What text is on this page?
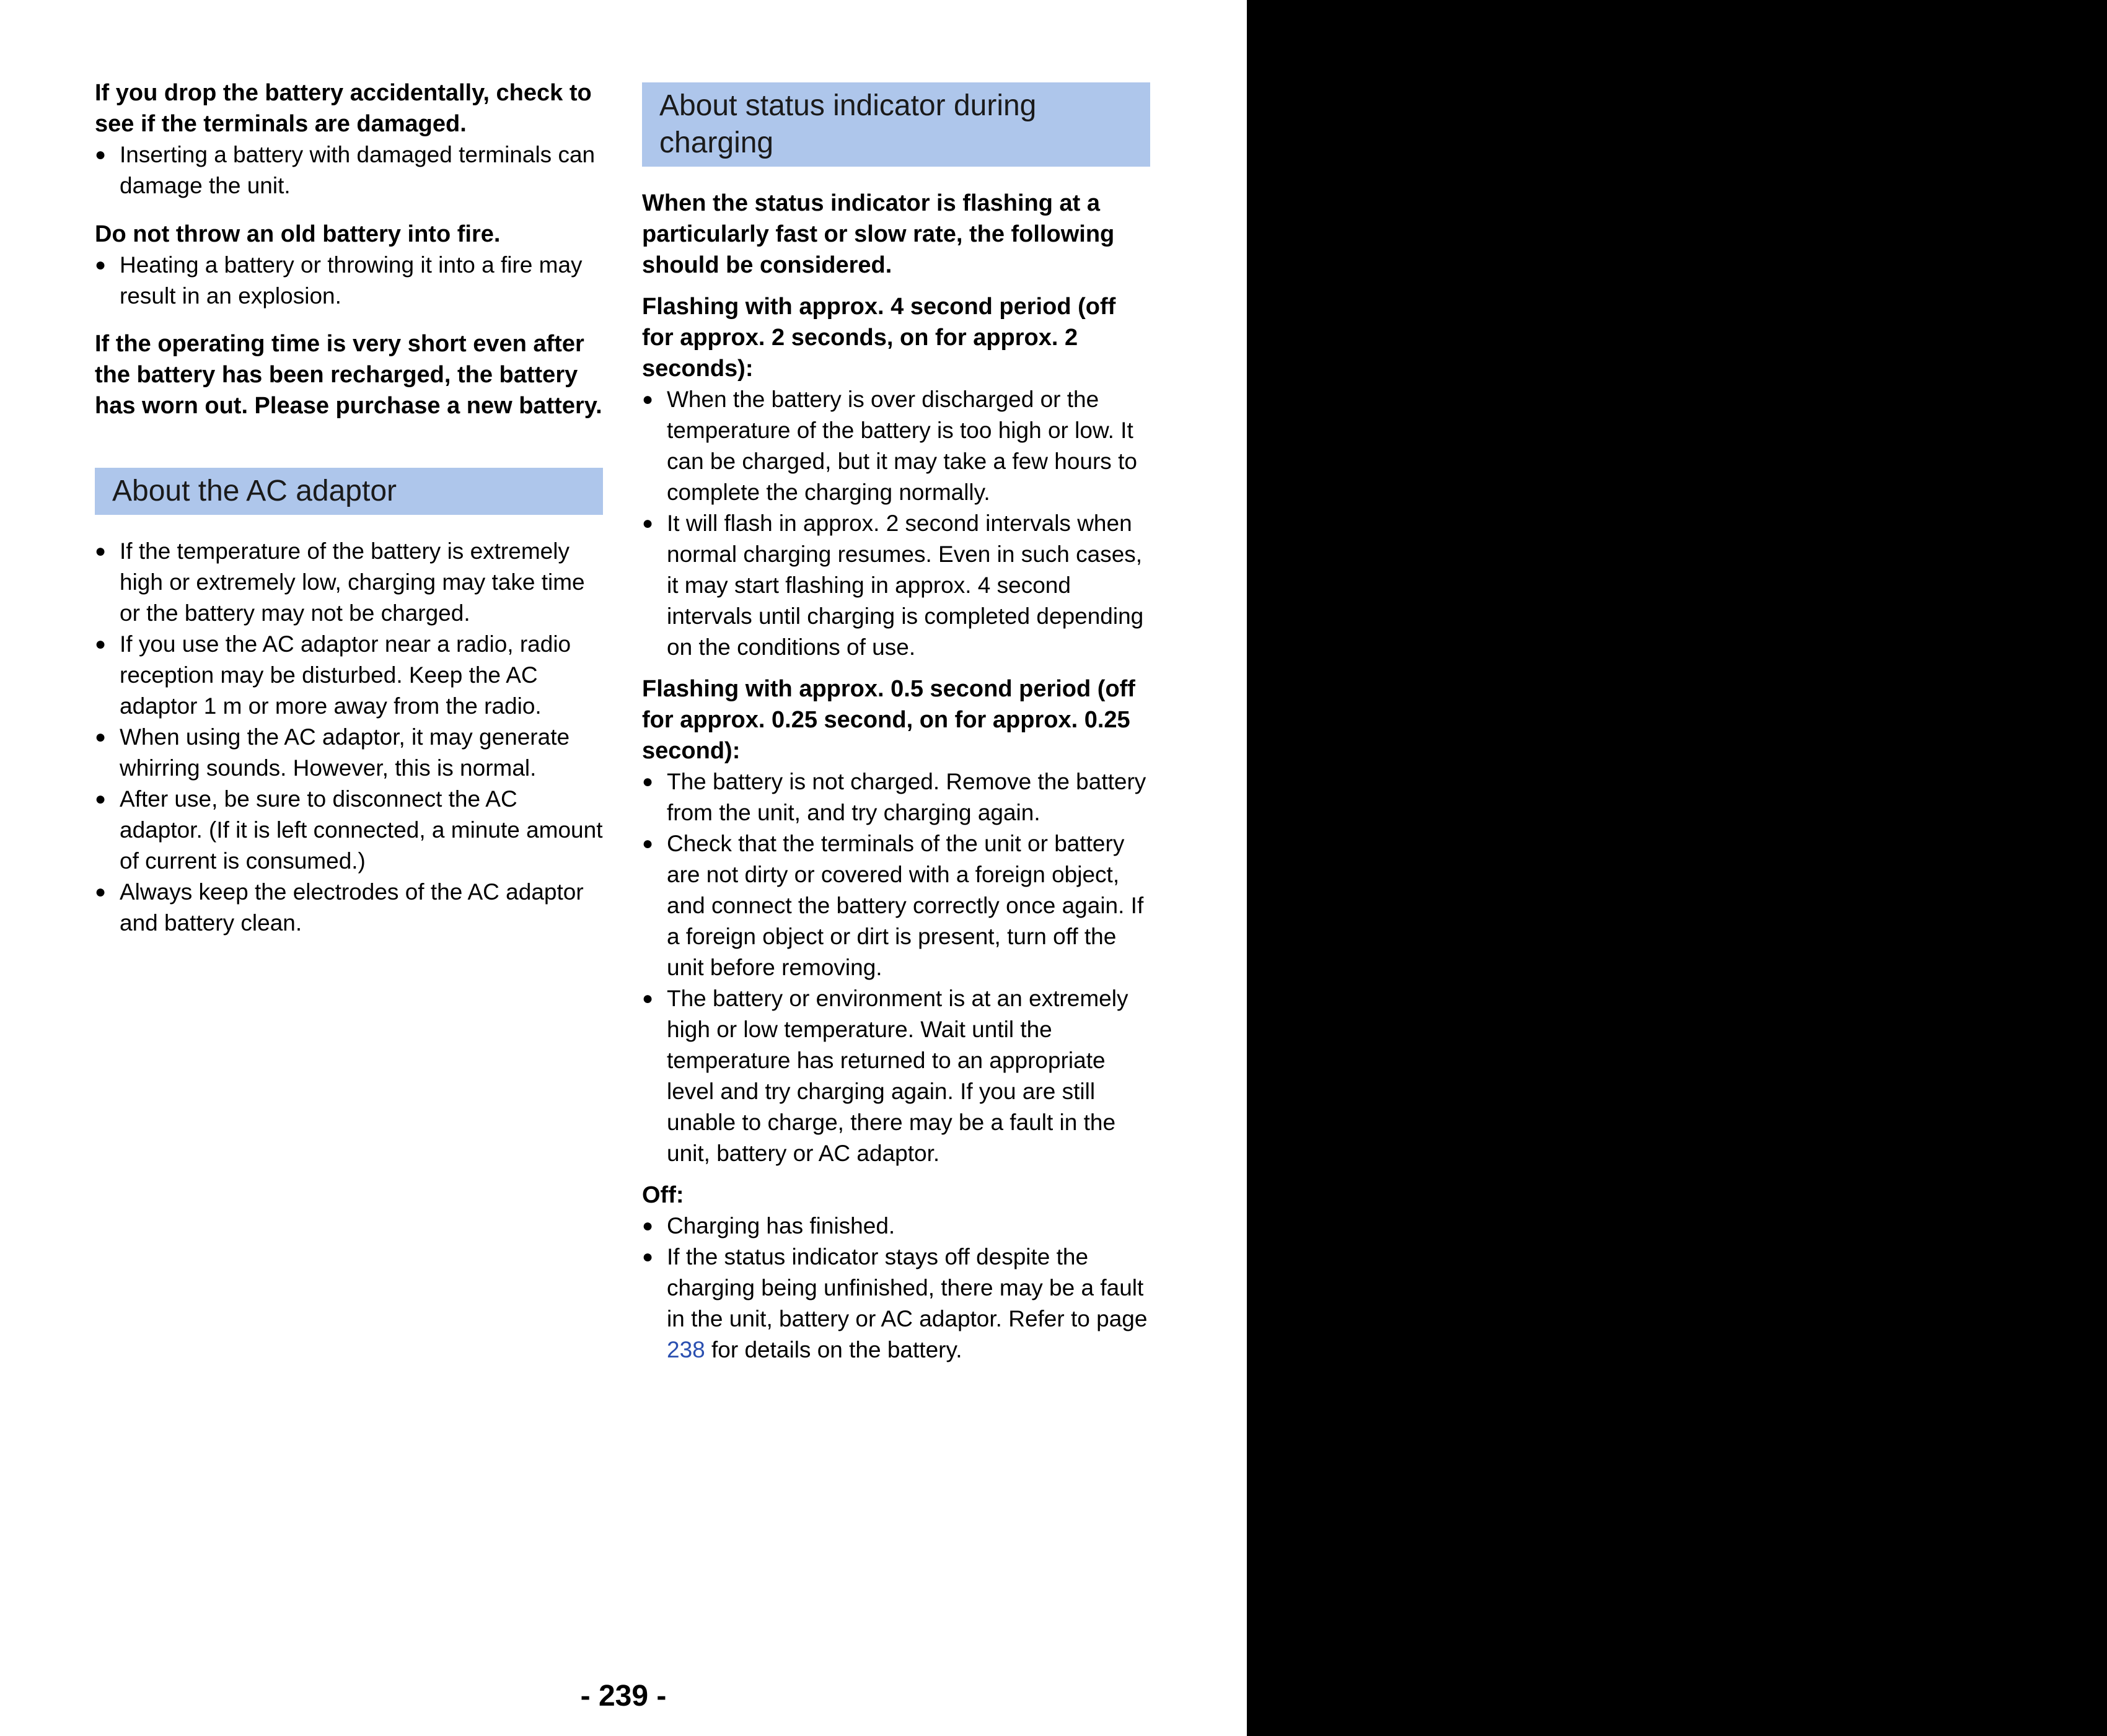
If you drop the battery accidentally, check to see if the terminals are damaged.

● Inserting a battery with damaged terminals can damage the unit.

Do not throw an old battery into fire.

● Heating a battery or throwing it into a fire may result in an explosion.

If the operating time is very short even after the battery has been recharged, the battery has worn out. Please purchase a new battery.

About the AC adaptor
● If the temperature of the battery is extremely high or extremely low, charging may take time or the battery may not be charged.
● If you use the AC adaptor near a radio, radio reception may be disturbed. Keep the AC adaptor 1 m or more away from the radio.
● When using the AC adaptor, it may generate whirring sounds. However, this is normal.
● After use, be sure to disconnect the AC adaptor. (If it is left connected, a minute amount of current is consumed.)
● Always keep the electrodes of the AC adaptor and battery clean.
About status indicator during charging

When the status indicator is flashing at a particularly fast or slow rate, the following should be considered.

Flashing with approx. 4 second period (off for approx. 2 seconds, on for approx. 2 seconds):

● When the battery is over discharged or the temperature of the battery is too high or low. It can be charged, but it may take a few hours to complete the charging normally.
● It will flash in approx. 2 second intervals when normal charging resumes. Even in such cases, it may start flashing in approx. 4 second intervals until charging is completed depending on the conditions of use.

Flashing with approx. 0.5 second period (off for approx. 0.25 second, on for approx. 0.25 second):

● The battery is not charged. Remove the battery from the unit, and try charging again.
● Check that the terminals of the unit or battery are not dirty or covered with a foreign object, and connect the battery correctly once again. If a foreign object or dirt is present, turn off the unit before removing.
● The battery or environment is at an extremely high or low temperature. Wait until the temperature has returned to an appropriate level and try charging again. If you are still unable to charge, there may be a fault in the unit, battery or AC adaptor.

Off:

● Charging has finished.
● If the status indicator stays off despite the charging being unfinished, there may be a fault in the unit, battery or AC adaptor. Refer to page 238 for details on the battery.
- 239 -
